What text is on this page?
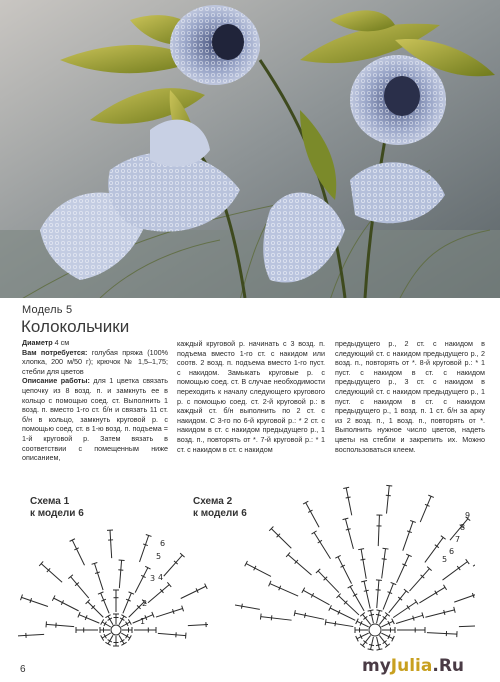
Модель 5
Колокольчики

Диаметр 4 см

Вам потребуется: голубая пряжа (100% хлопка, 200 м/50 г); крючок № 1,5–1,75; стебли для цветов

Описание работы: для 1 цветка связать цепочку из 8 возд. п. и замкнуть ее в кольцо с помощью соед. ст. Выполнить 1 возд. п. вместо 1-го ст. б/н и связать 11 ст. б/н в кольцо, замкнуть круговой р. с помощью соед. ст. в 1-ю возд. п. подъема = 1-й круговой р. Затем вязать в соответствии с помещенным ниже описанием,

каждый круговой р. начинать с 3 возд. п. подъема вместо 1-го ст. с накидом или соотв. 2 возд. п. подъема вместо 1-го пуст. с накидом. Замыкать круговые р. с помощью соед. ст. В случае необходимости переходить к началу следующего кругового р. с помощью соед. ст. 2-й круговой р.: в каждый ст. б/н выполнить по 2 ст. с накидом. С 3-го по 6-й круговой р.: * 2 ст. с накидом в ст. с накидом предыдущего р., 1 возд. п., повторять от *. 7-й круговой р.: * 1 ст. с накидом в ст. с накидом
предыдущего р., 2 ст. с накидом в следующий ст. с накидом предыдущего р., 2 возд. п., повторять от *. 8-й круговой р.: * 1 пуст. с накидом в ст. с накидом предыдущего р., 3 ст. с накидом в следующий ст. с накидом предыдущего р., 1 пуст. с накидом в ст. с накидом предыдущего р., 1 возд. п. 1 ст. б/н за арку из 2 возд. п., 1 возд. п., повторять от *. Выполнить нужное число цветов, надеть цветы на стебли и закрепить их. Можно воспользоваться клеем.
Схема 1
к модели 6
Схема 2
к модели 6
6
5
4
3
2
1
9
8
7
6
5
6	myJulia.Ru
